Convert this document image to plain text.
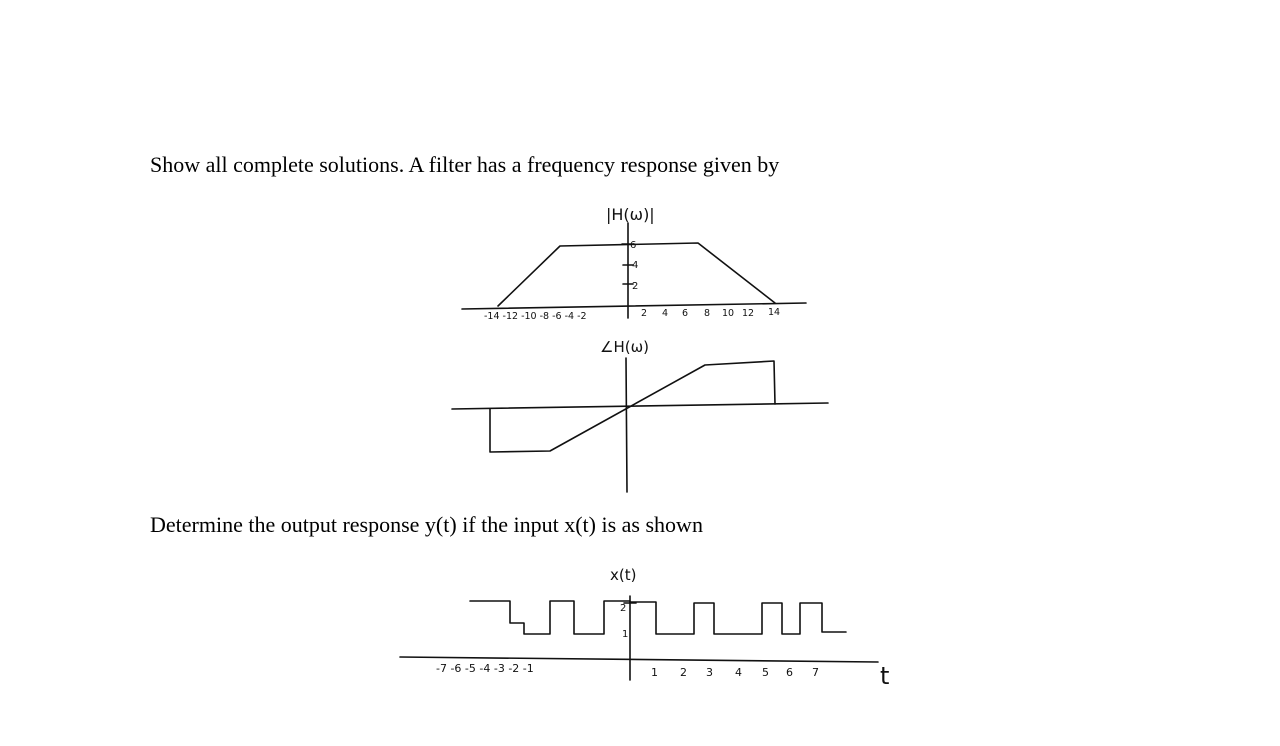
Show all complete solutions. A filter has a frequency response given by
Determine the output response y(t) if the input x(t) is as shown
|H(ω)|
6
4
2
-14 -12 -10 -8 -6 -4 -2	2 4 6 8 10 12 14
∠H(ω)
x(t)
2
1
-7 -6 -5 -4 -3 -2 -1	1 2 3 4 5 6 7	t
